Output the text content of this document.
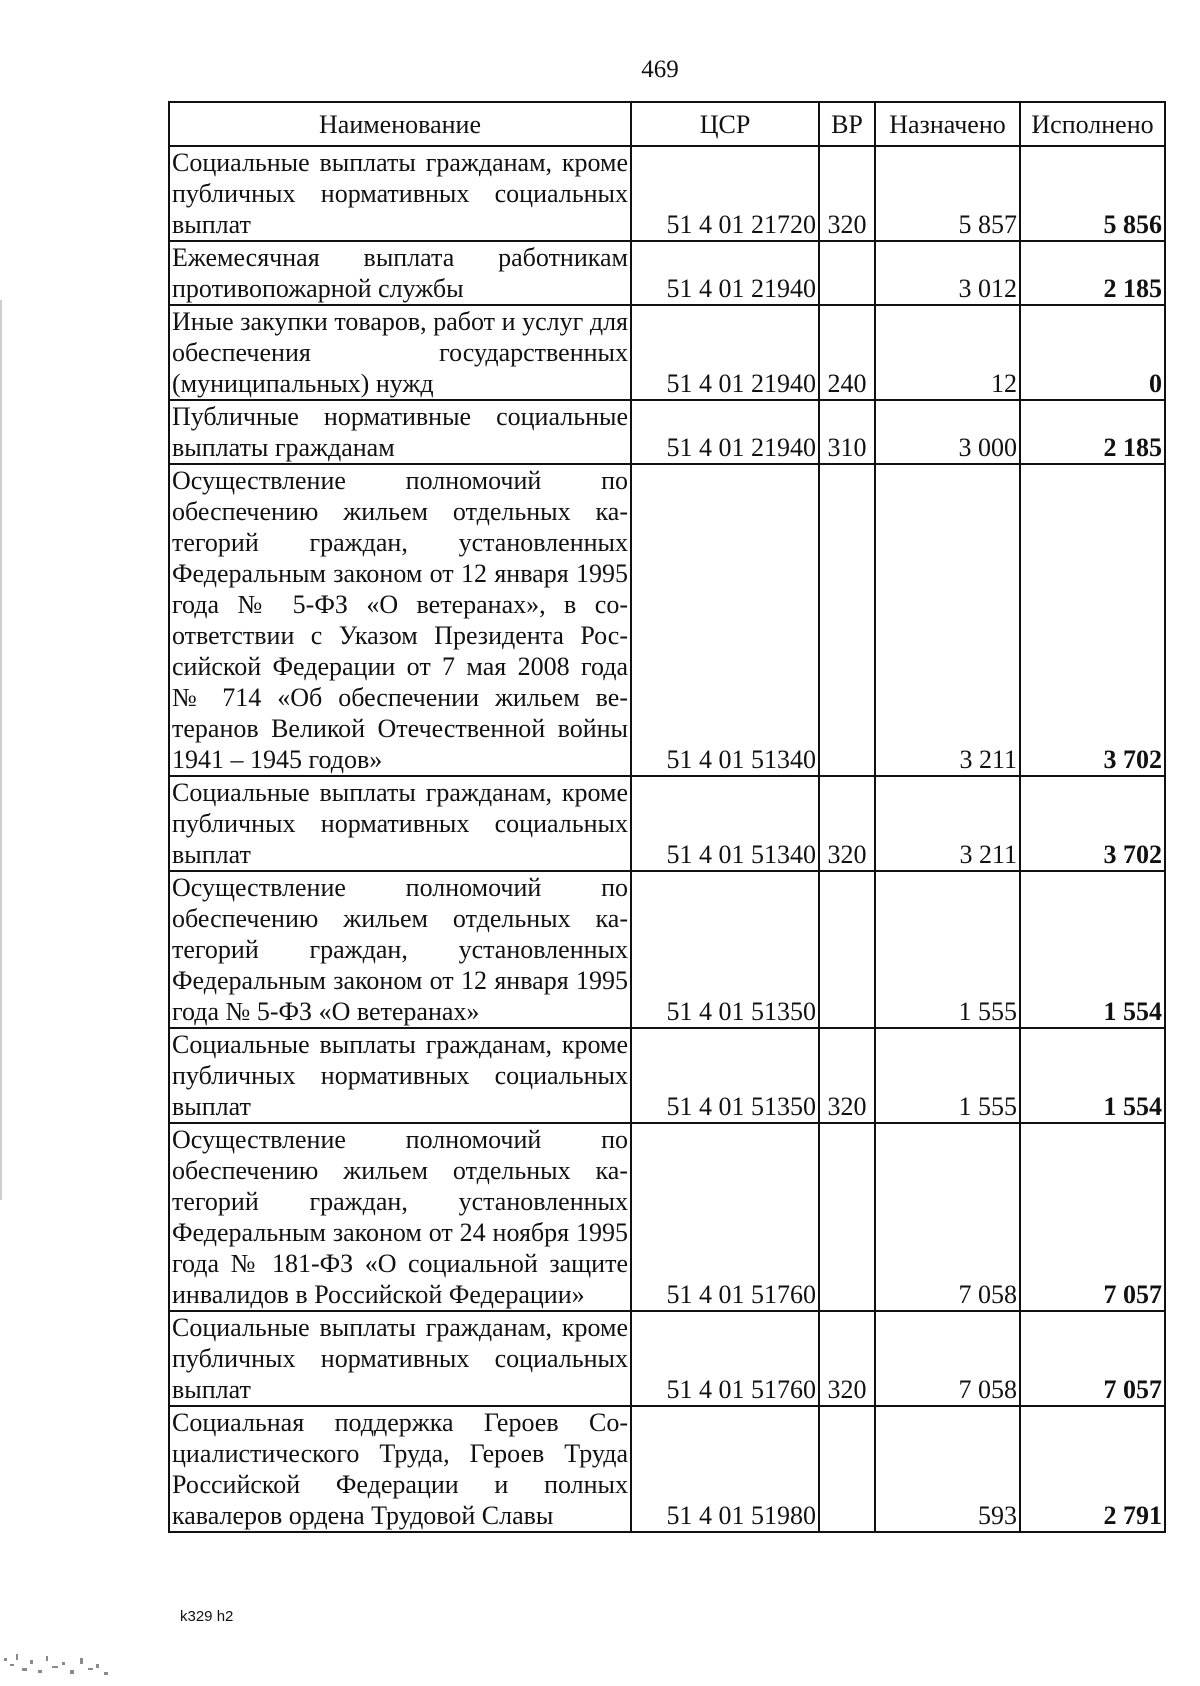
469
Наименование	ЦСР	ВР	Назначено	Исполнено
Социальные выплаты гражданам, кроме публичных нормативных социальных выплат	51 4 01 21720	320	5 857	5 856
Ежемесячная выплата работникам противопожарной службы	51 4 01 21940		3 012	2 185
Иные закупки товаров, работ и услуг для обеспечения государственных (муниципальных) нужд	51 4 01 21940	240	12	0
Публичные нормативные социальные выплаты гражданам	51 4 01 21940	310	3 000	2 185
Осуществление полномочий по обеспечению жильем отдельных категорий граждан, установленных Федеральным законом от 12 января 1995 года № 5-ФЗ «О ветеранах», в соответствии с Указом Президента Российской Федерации от 7 мая 2008 года № 714 «Об обеспечении жильем ветеранов Великой Отечественной войны 1941 – 1945 годов»	51 4 01 51340		3 211	3 702
Социальные выплаты гражданам, кроме публичных нормативных социальных выплат	51 4 01 51340	320	3 211	3 702
Осуществление полномочий по обеспечению жильем отдельных категорий граждан, установленных Федеральным законом от 12 января 1995 года № 5-ФЗ «О ветеранах»	51 4 01 51350		1 555	1 554
Социальные выплаты гражданам, кроме публичных нормативных социальных выплат	51 4 01 51350	320	1 555	1 554
Осуществление полномочий по обеспечению жильем отдельных категорий граждан, установленных Федеральным законом от 24 ноября 1995 года № 181-ФЗ «О социальной защите инвалидов в Российской Федерации»	51 4 01 51760		7 058	7 057
Социальные выплаты гражданам, кроме публичных нормативных социальных выплат	51 4 01 51760	320	7 058	7 057
Социальная поддержка Героев Социалистического Труда, Героев Труда Российской Федерации и полных кавалеров ордена Трудовой Славы	51 4 01 51980		593	2 791
k329 h2
